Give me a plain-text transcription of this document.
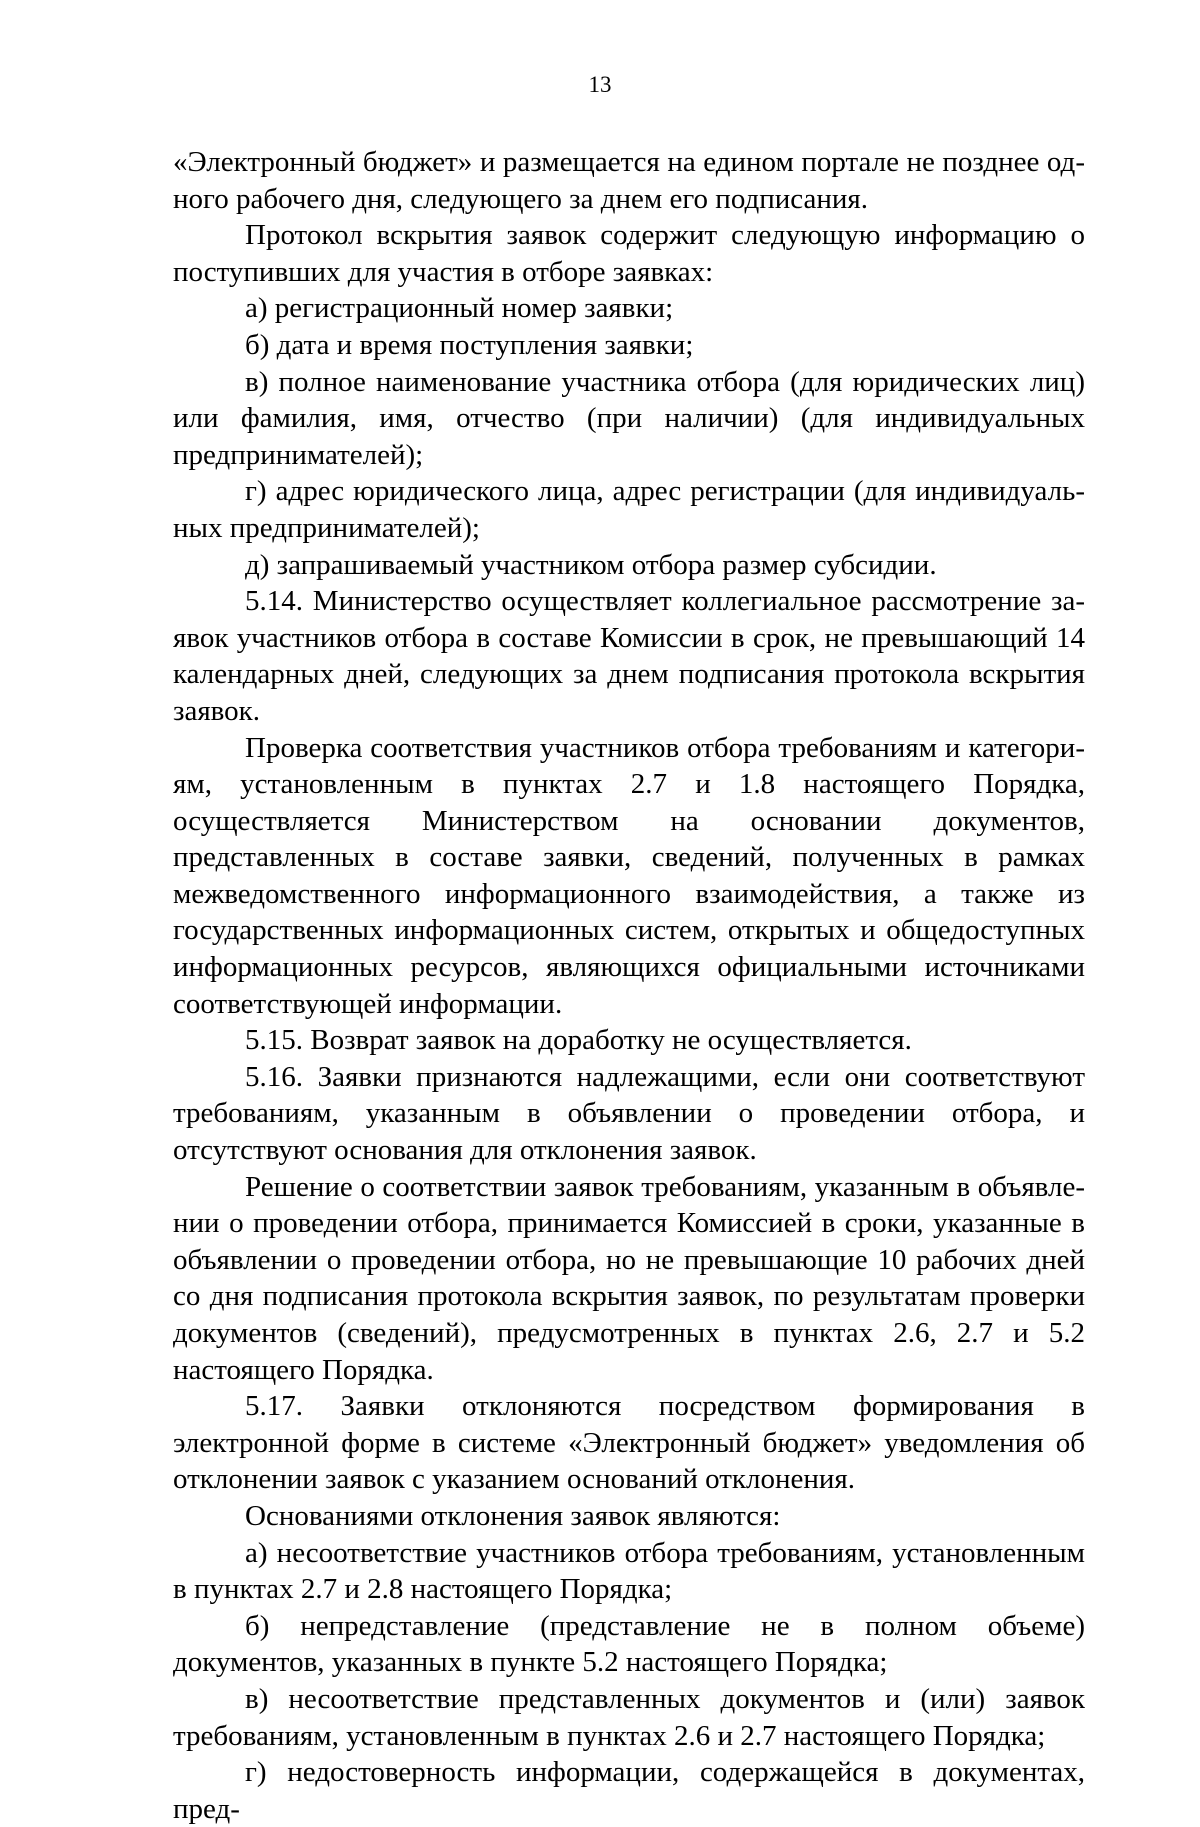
13

«Электронный бюджет» и размещается на едином портале не позднее одного рабочего дня, следующего за днем его подписания.

Протокол вскрытия заявок содержит следующую информацию о поступивших для участия в отборе заявках:

а) регистрационный номер заявки;

б) дата и время поступления заявки;

в) полное наименование участника отбора (для юридических лиц) или фамилия, имя, отчество (при наличии) (для индивидуальных предпринимателей);

г) адрес юридического лица, адрес регистрации (для индивидуальных предпринимателей);

д) запрашиваемый участником отбора размер субсидии.

5.14. Министерство осуществляет коллегиальное рассмотрение заявок участников отбора в составе Комиссии в срок, не превышающий 14 календарных дней, следующих за днем подписания протокола вскрытия заявок.

Проверка соответствия участников отбора требованиям и категориям, установленным в пунктах 2.7 и 1.8 настоящего Порядка, осуществляется Министерством на основании документов, представленных в составе заявки, сведений, полученных в рамках межведомственного информационного взаимодействия, а также из государственных информационных систем, открытых и общедоступных информационных ресурсов, являющихся официальными источниками соответствующей информации.

5.15. Возврат заявок на доработку не осуществляется.

5.16. Заявки признаются надлежащими, если они соответствуют требованиям, указанным в объявлении о проведении отбора, и отсутствуют основания для отклонения заявок.

Решение о соответствии заявок требованиям, указанным в объявлении о проведении отбора, принимается Комиссией в сроки, указанные в объявлении о проведении отбора, но не превышающие 10 рабочих дней со дня подписания протокола вскрытия заявок, по результатам проверки документов (сведений), предусмотренных в пунктах 2.6, 2.7 и 5.2 настоящего Порядка.

5.17. Заявки отклоняются посредством формирования в электронной форме в системе «Электронный бюджет» уведомления об отклонении заявок с указанием оснований отклонения.

Основаниями отклонения заявок являются:

а) несоответствие участников отбора требованиям, установленным в пунктах 2.7 и 2.8 настоящего Порядка;

б) непредставление (представление не в полном объеме) документов, указанных в пункте 5.2 настоящего Порядка;

в) несоответствие представленных документов и (или) заявок требованиям, установленным в пунктах 2.6 и 2.7 настоящего Порядка;

г) недостоверность информации, содержащейся в документах, пред-
